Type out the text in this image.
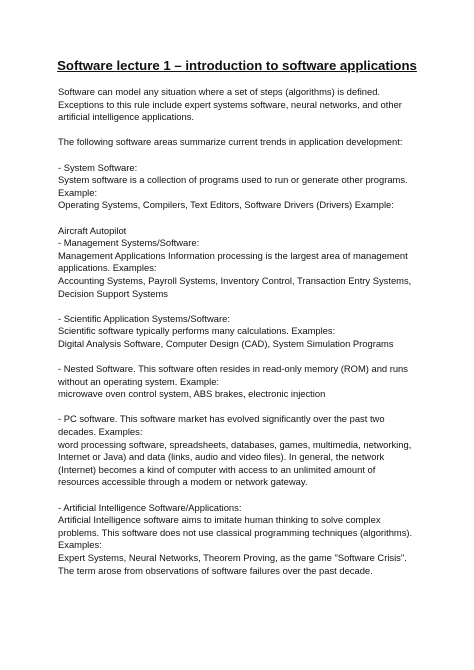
Software lecture 1 – introduction to software applications
Software can model any situation where a set of steps (algorithms) is defined.
Exceptions to this rule include expert systems software, neural networks, and other
artificial intelligence applications.
The following software areas summarize current trends in application development:
- System Software:
System software is a collection of programs used to run or generate other programs.
Example:
Operating Systems, Compilers, Text Editors, Software Drivers (Drivers) Example:
Aircraft Autopilot
- Management Systems/Software:
Management Applications Information processing is the largest area of management
applications. Examples:
Accounting Systems, Payroll Systems, Inventory Control, Transaction Entry Systems,
Decision Support Systems
- Scientific Application Systems/Software:
Scientific software typically performs many calculations. Examples:
Digital Analysis Software, Computer Design (CAD), System Simulation Programs
- Nested Software. This software often resides in read-only memory (ROM) and runs
without an operating system. Example:
microwave oven control system, ABS brakes, electronic injection
- PC software. This software market has evolved significantly over the past two
decades. Examples:
word processing software, spreadsheets, databases, games, multimedia, networking,
Internet or Java) and data (links, audio and video files). In general, the network
(Internet) becomes a kind of computer with access to an unlimited amount of
resources accessible through a modem or network gateway.
- Artificial Intelligence Software/Applications:
Artificial Intelligence software aims to imitate human thinking to solve complex
problems. This software does not use classical programming techniques (algorithms).
Examples:
Expert Systems, Neural Networks, Theorem Proving, as the game "Software Crisis".
The term arose from observations of software failures over the past decade.
